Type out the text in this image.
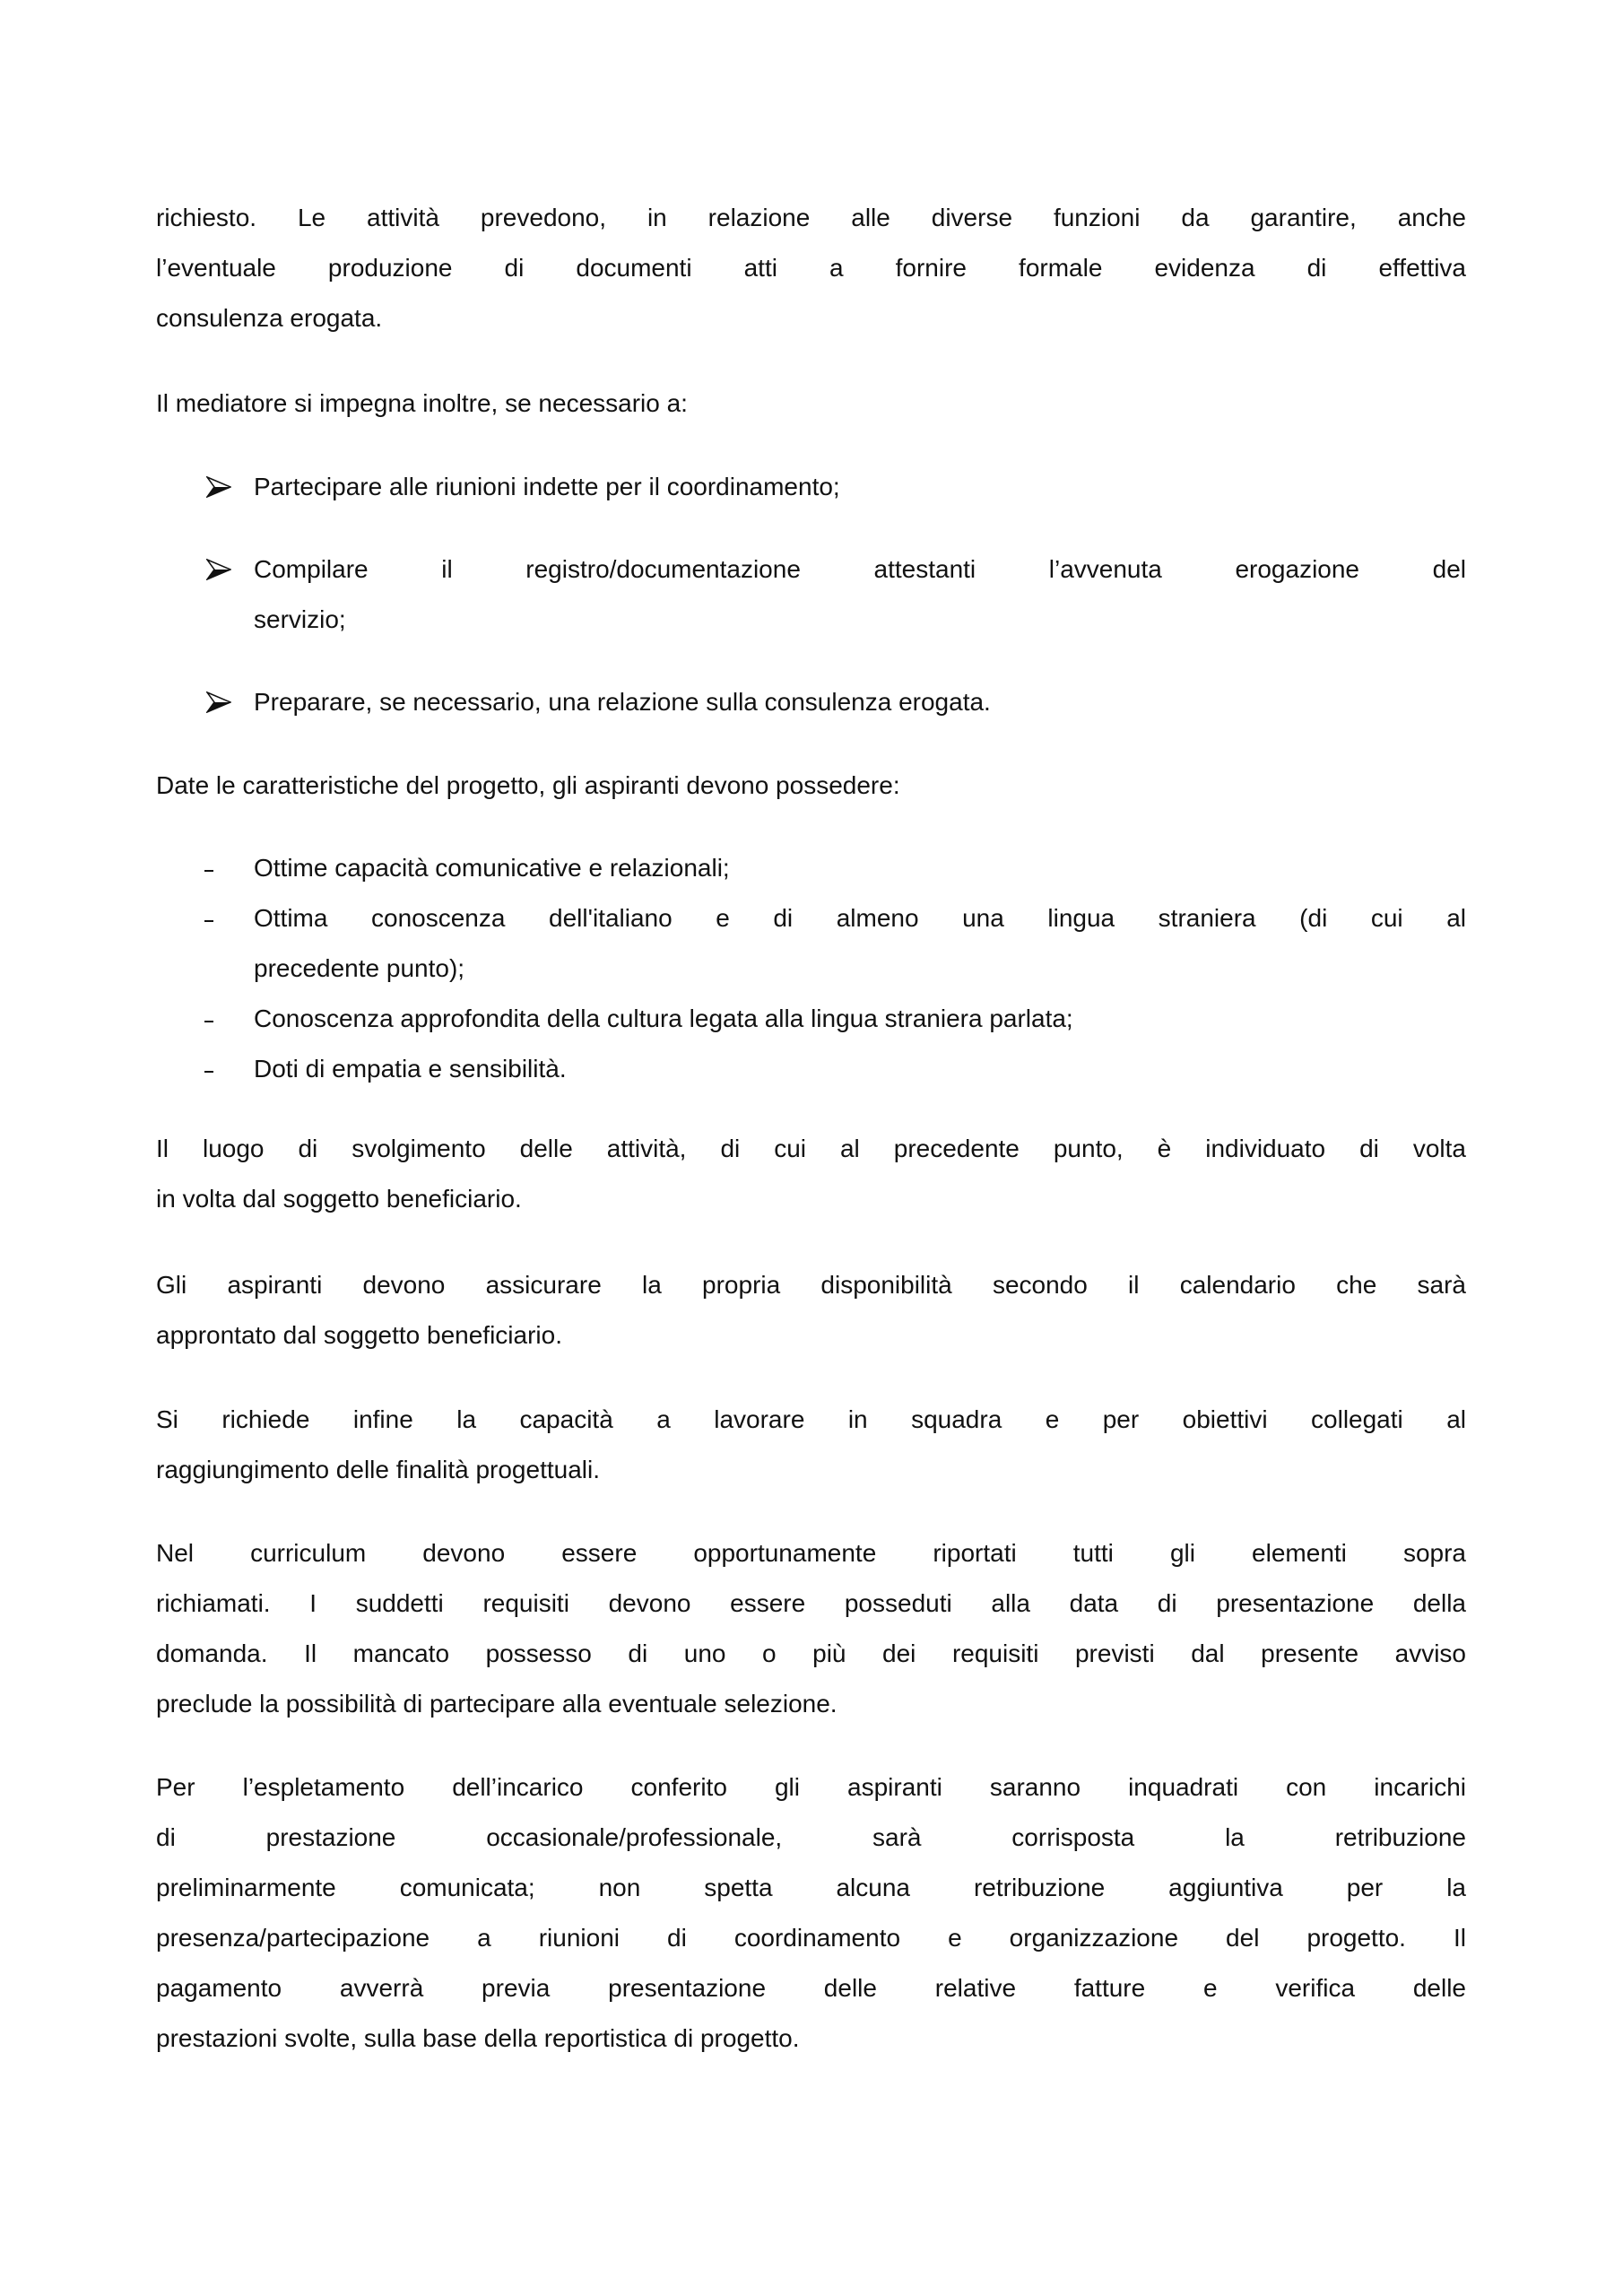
richiesto. Le attività prevedono, in relazione alle diverse funzioni da garantire, anche
l’eventuale produzione di documenti atti a fornire formale evidenza di effettiva
consulenza erogata.
Il mediatore si impegna inoltre, se necessario a:
Partecipare alle riunioni indette per il coordinamento;
Compilare il registro/documentazione attestanti l’avvenuta erogazione del
servizio;
Preparare, se necessario, una relazione sulla consulenza erogata.
Date le caratteristiche del progetto, gli aspiranti devono possedere:
Ottime capacità comunicative e relazionali;
Ottima conoscenza dell'italiano e di almeno una lingua straniera (di cui al
precedente punto);
Conoscenza approfondita della cultura legata alla lingua straniera parlata;
Doti di empatia e sensibilità.
Il luogo di svolgimento delle attività, di cui al precedente punto, è individuato di volta
in volta dal soggetto beneficiario.
Gli aspiranti devono assicurare la propria disponibilità secondo il calendario che sarà
approntato dal soggetto beneficiario.
Si richiede infine la capacità a lavorare in squadra e per obiettivi collegati al
raggiungimento delle finalità progettuali.
Nel curriculum devono essere opportunamente riportati tutti gli elementi sopra
richiamati. I suddetti requisiti devono essere posseduti alla data di presentazione della
domanda. Il mancato possesso di uno o più dei requisiti previsti dal presente avviso
preclude la possibilità di partecipare alla eventuale selezione.
Per l’espletamento dell’incarico conferito gli aspiranti saranno inquadrati con incarichi
di prestazione occasionale/professionale, sarà corrisposta la retribuzione
preliminarmente comunicata; non spetta alcuna retribuzione aggiuntiva per la
presenza/partecipazione a riunioni di coordinamento e organizzazione del progetto. Il
pagamento avverrà previa presentazione delle relative fatture e verifica delle
prestazioni svolte, sulla base della reportistica di progetto.
